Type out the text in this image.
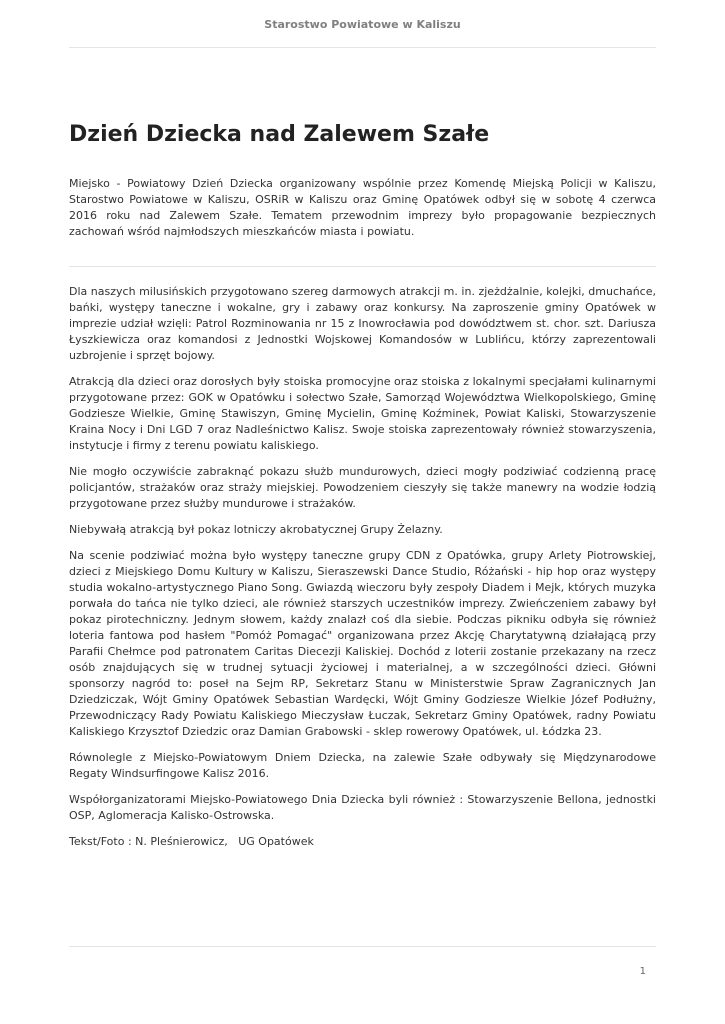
Starostwo Powiatowe w Kaliszu
Dzień Dziecka nad Zalewem Szałe

Miejsko - Powiatowy Dzień Dziecka organizowany wspólnie przez Komendę Miejską Policji w Kaliszu, Starostwo Powiatowe w Kaliszu, OSRiR w Kaliszu oraz Gminę Opatówek odbył się w sobotę 4 czerwca 2016 roku nad Zalewem Szałe. Tematem przewodnim imprezy było propagowanie bezpiecznych zachowań wśród najmłodszych mieszkańców miasta i powiatu.

Dla naszych milusińskich przygotowano szereg darmowych atrakcji m. in. zjeżdżalnie, kolejki, dmuchańce, bańki, występy taneczne i wokalne, gry i zabawy oraz konkursy. Na zaproszenie gminy Opatówek w imprezie udział wzięli: Patrol Rozminowania nr 15 z Inowrocławia pod dowództwem st. chor. szt. Dariusza Łyszkiewicza oraz komandosi z Jednostki Wojskowej Komandosów w Lublińcu, którzy zaprezentowali uzbrojenie i sprzęt bojowy.

Atrakcją dla dzieci oraz dorosłych były stoiska promocyjne oraz stoiska z lokalnymi specjałami kulinarnymi przygotowane przez: GOK w Opatówku i sołectwo Szałe, Samorząd Województwa Wielkopolskiego, Gminę Godziesze Wielkie, Gminę Stawiszyn, Gminę Mycielin, Gminę Koźminek, Powiat Kaliski, Stowarzyszenie Kraina Nocy i Dni LGD 7 oraz Nadleśnictwo Kalisz. Swoje stoiska zaprezentowały również stowarzyszenia, instytucje i firmy z terenu powiatu kaliskiego.

Nie mogło oczywiście zabraknąć pokazu służb mundurowych, dzieci mogły podziwiać codzienną pracę policjantów, strażaków oraz straży miejskiej. Powodzeniem cieszyły się także manewry na wodzie łodzią przygotowane przez służby mundurowe i strażaków.

Niebywałą atrakcją był pokaz lotniczy akrobatycznej Grupy Żelazny.

Na scenie podziwiać można było występy taneczne grupy CDN z Opatówka, grupy Arlety Piotrowskiej, dzieci z Miejskiego Domu Kultury w Kaliszu, Sieraszewski Dance Studio, Różański - hip hop oraz występy studia wokalno-artystycznego Piano Song. Gwiazdą wieczoru były zespoły Diadem i Mejk, których muzyka porwała do tańca nie tylko dzieci, ale również starszych uczestników imprezy. Zwieńczeniem zabawy był pokaz pirotechniczny. Jednym słowem, każdy znalazł coś dla siebie. Podczas pikniku odbyła się również loteria fantowa pod hasłem "Pomóż Pomagać" organizowana przez Akcję Charytatywną działającą przy Parafii Chełmce pod patronatem Caritas Diecezji Kaliskiej. Dochód z loterii zostanie przekazany na rzecz osób znajdujących się w trudnej sytuacji życiowej i materialnej, a w szczególności dzieci. Główni sponsorzy nagród to: poseł na Sejm RP, Sekretarz Stanu w Ministerstwie Spraw Zagranicznych Jan Dziedziczak, Wójt Gminy Opatówek Sebastian Wardęcki, Wójt Gminy Godziesze Wielkie Józef Podłużny, Przewodniczący Rady Powiatu Kaliskiego Mieczysław Łuczak, Sekretarz Gminy Opatówek, radny Powiatu Kaliskiego Krzysztof Dziedzic oraz Damian Grabowski - sklep rowerowy Opatówek, ul. Łódzka 23.

Równolegle z Miejsko-Powiatowym Dniem Dziecka, na zalewie Szałe odbywały się Międzynarodowe Regaty Windsurfingowe Kalisz 2016.

Współorganizatorami Miejsko-Powiatowego Dnia Dziecka byli również : Stowarzyszenie Bellona, jednostki OSP, Aglomeracja Kalisko-Ostrowska.

Tekst/Foto : N. Pleśnierowicz,   UG Opatówek

1
